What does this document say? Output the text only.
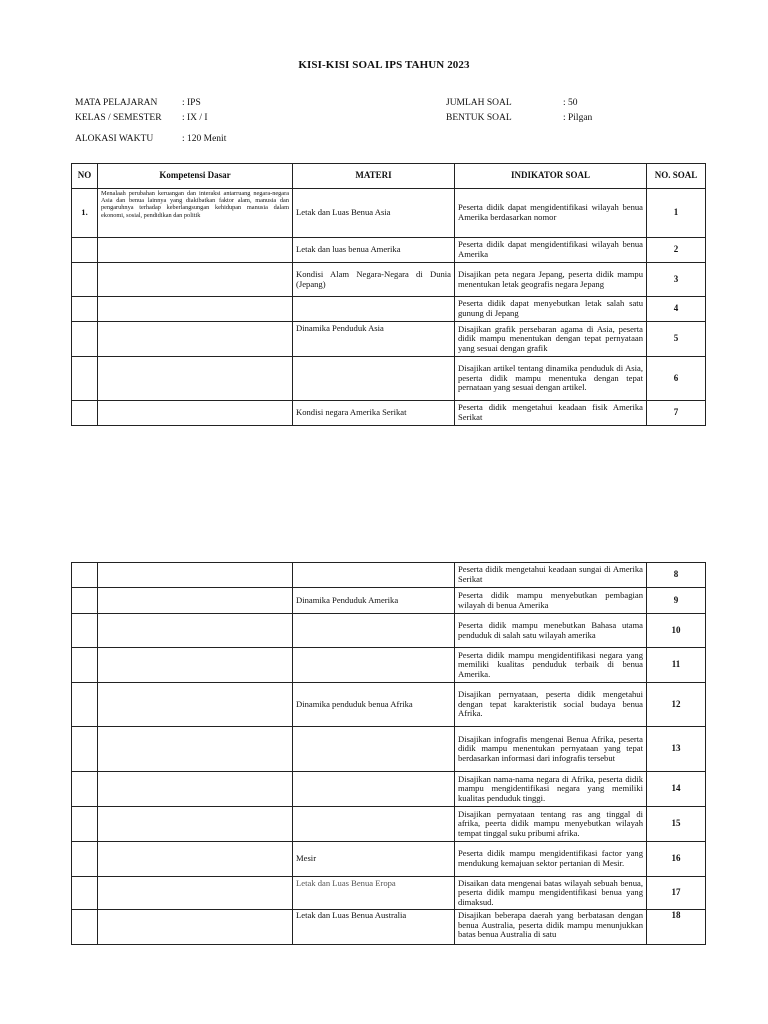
KISI-KISI SOAL IPS TAHUN 2023
MATA PELAJARAN	: IPS
KELAS / SEMESTER : IX / I
ALOKASI WAKTU	: 120 Menit
JUMLAH SOAL	: 50
BENTUK SOAL	: Pilgan
NO	Kompetensi Dasar	MATERI	INDIKATOR SOAL	NO. SOAL
1.	Menalaah perubahan keruangan dan interaksi antarruang negara-negara Asia dan benua lainnya yang diakibatkan faktor alam, manusia dan pengaruhnya terhadap keberlangsungan kehidupan manusia dalam ekonomi, sosial, pendidikan dan politik	Letak dan Luas Benua Asia	Peserta didik dapat mengidentifikasi wilayah benua Amerika berdasarkan nomor	1
		Letak dan luas benua Amerika	Peserta didik dapat mengidentifikasi wilayah benua Amerika	2
		Kondisi Alam Negara-Negara di Dunia (Jepang)	Disajikan peta negara Jepang, peserta didik mampu menentukan letak geografis negara Jepang	3
			Peserta didik dapat menyebutkan letak salah satu gunung di Jepang	4
		Dinamika Penduduk Asia	Disajikan grafik persebaran agama di Asia, peserta didik mampu menentukan dengan tepat pernyataan yang sesuai dengan grafik	5
			Disajikan artikel tentang dinamika penduduk di Asia, peserta didik mampu menentuka dengan tepat pernataan yang sesuai dengan artikel.	6
		Kondisi negara Amerika Serikat	Peserta didik mengetahui keadaan fisik Amerika Serikat	7
			Peserta didik mengetahui keadaan sungai di Amerika Serikat	8
		Dinamika Penduduk Amerika	Peserta didik mampu menyebutkan pembagian wilayah di benua Amerika	9
			Peserta didik mampu menebutkan Bahasa utama penduduk di salah satu wilayah amerika	10
			Peserta didik mampu mengidentifikasi negara yang memiliki kualitas penduduk terbaik di benua Amerika.	11
		Dinamika penduduk benua Afrika	Disajikan pernyataan, peserta didik mengetahui dengan tepat karakteristik social budaya benua Afrika.	12
			Disajikan infografis mengenai Benua Afrika, peserta didik mampu menentukan pernyataan yang tepat berdasarkan informasi dari infografis tersebut	13
			Disajikan nama-nama negara di Afrika, peserta didik mampu mengidentifikasi negara yang memiliki kualitas penduduk tinggi.	14
			Disajikan pernyataan tentang ras ang tinggal di afrika, peerta didik mampu menyebutkan wilayah tempat tinggal suku pribumi afrika.	15
		Mesir	Peserta didik mampu mengidentifikasi factor yang mendukung kemajuan sektor pertanian di Mesir.	16
		Letak dan Luas Benua Eropa	Disaikan data mengenai batas wilayah sebuah benua, peserta didik mampu mengidentifikasi benua yang dimaksud.	17
		Letak dan Luas Benua Australia	Disajikan beberapa daerah yang berbatasan dengan benua Australia, peserta didik mampu menunjukkan batas benua Australia di satu	18
